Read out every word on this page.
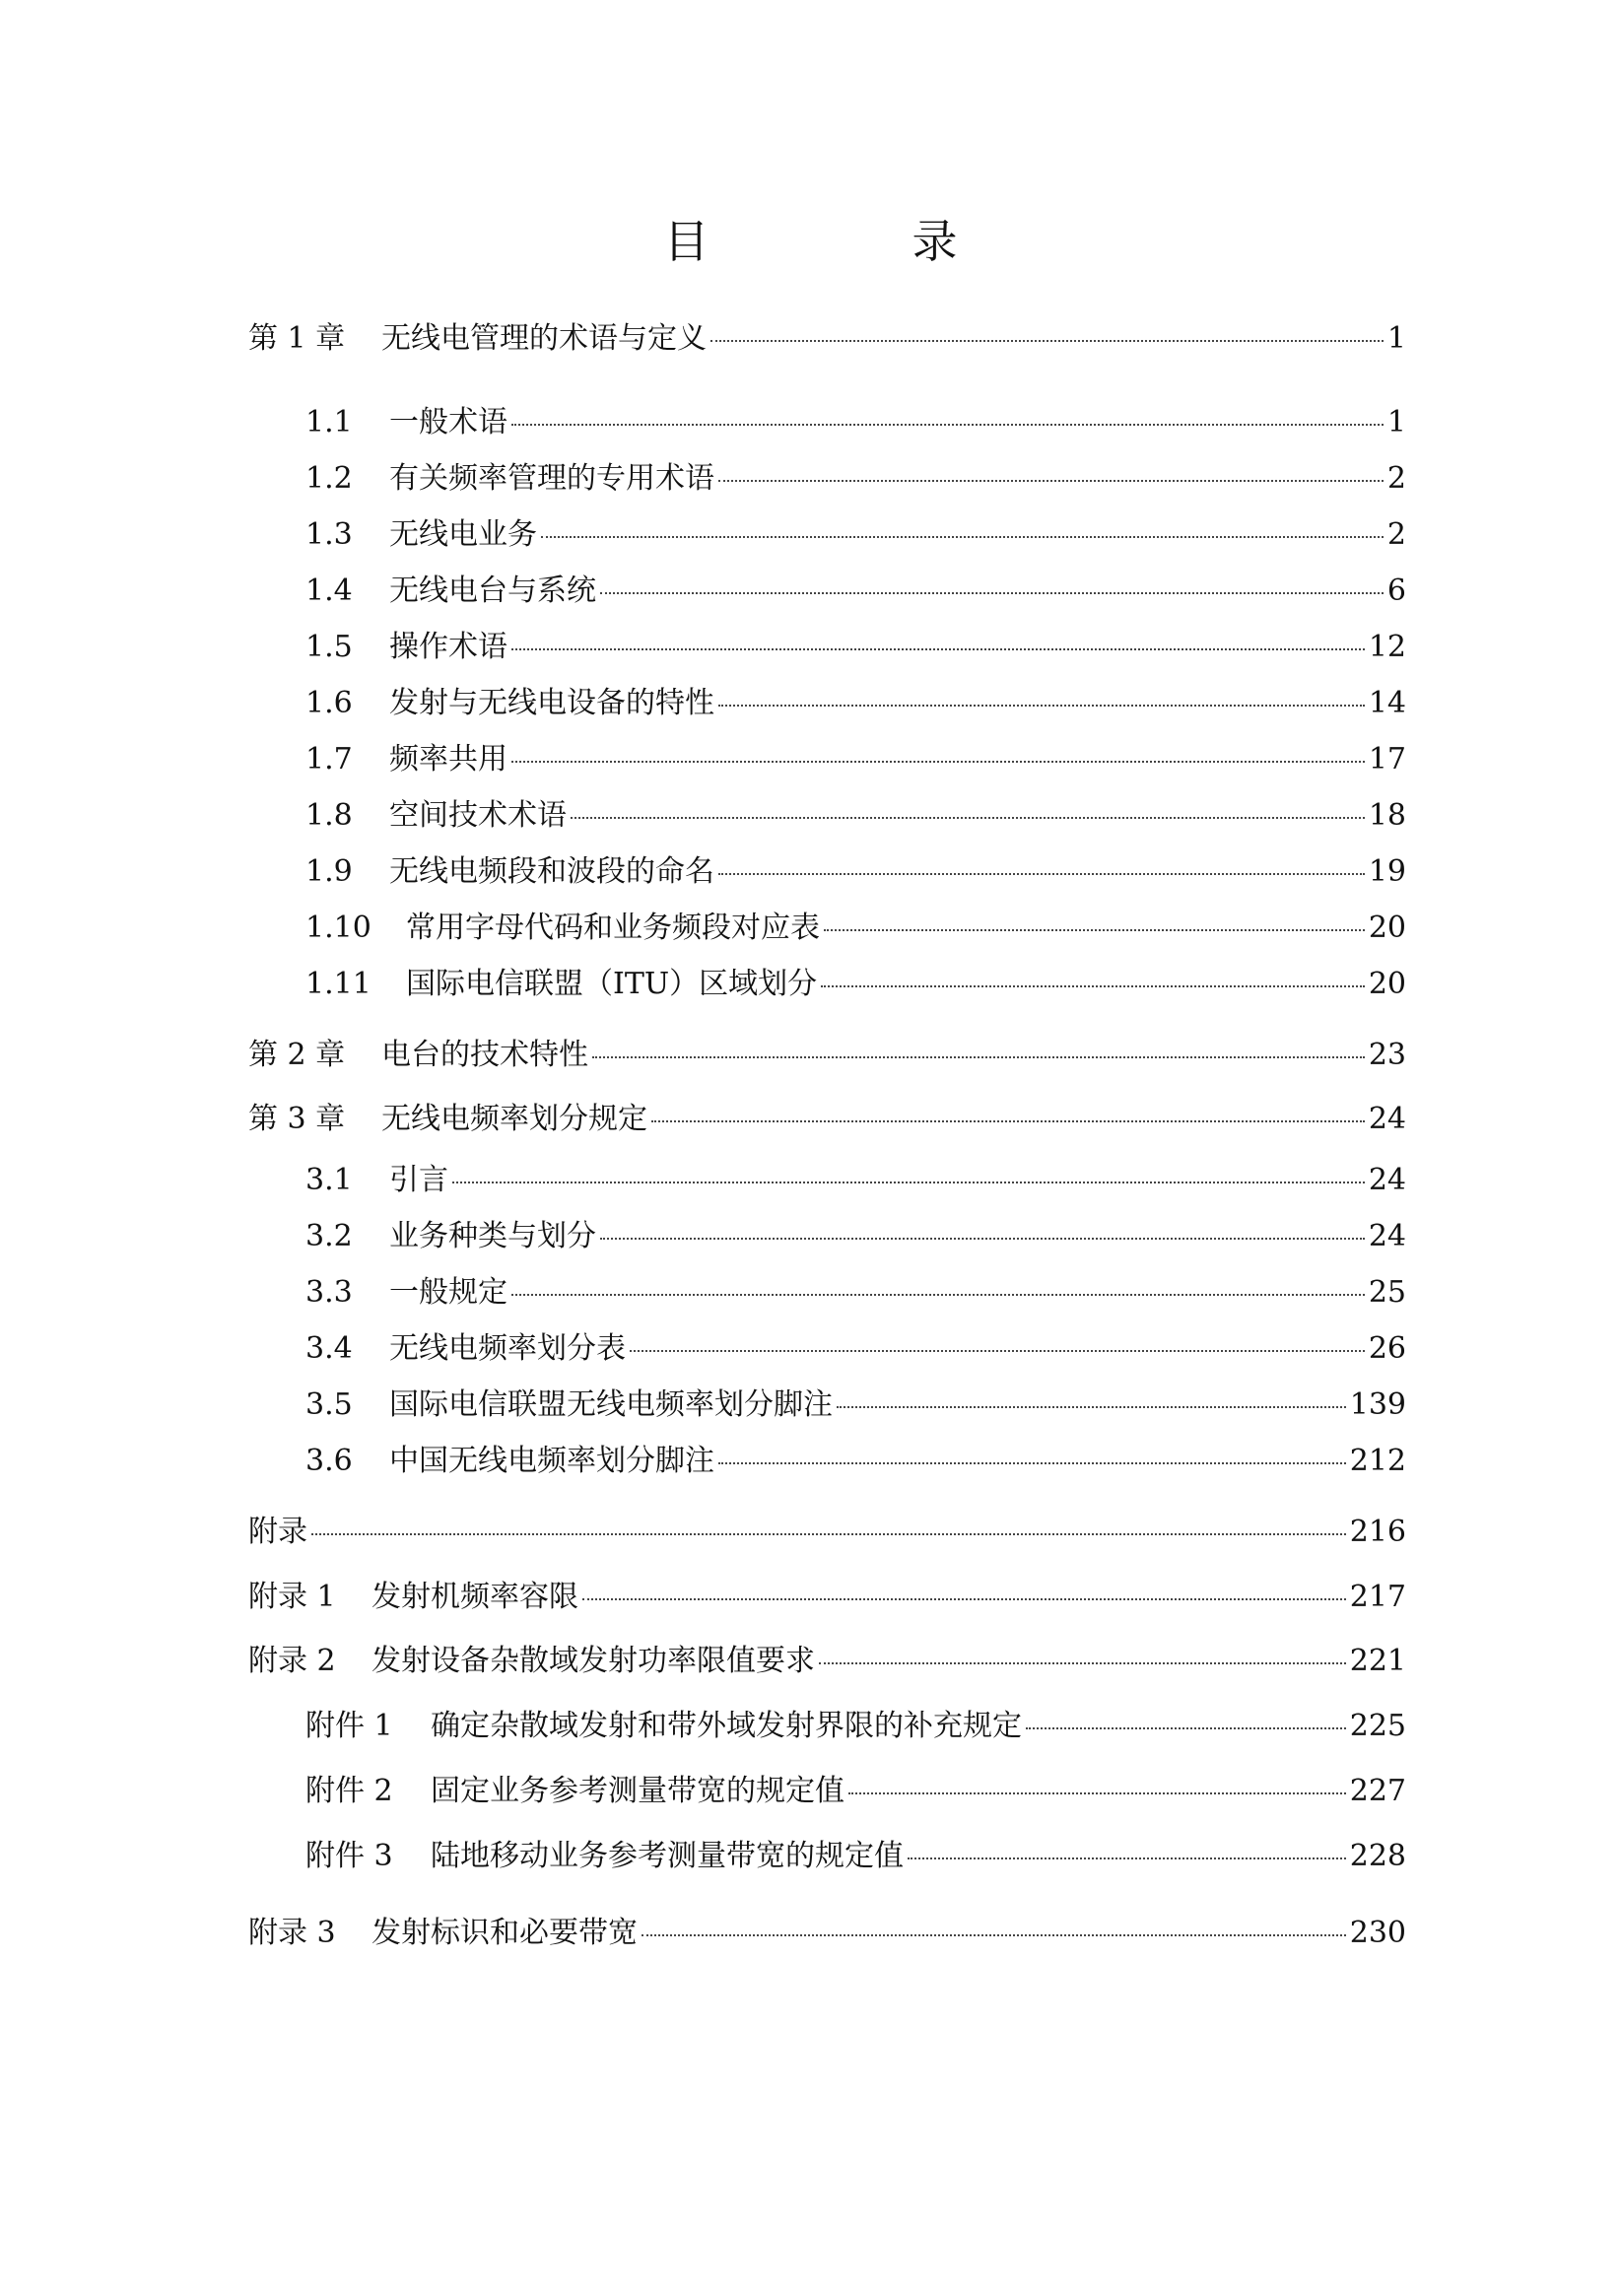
目　录
第 1 章	无线电管理的术语与定义	1
1.1	一般术语	1
1.2	有关频率管理的专用术语	2
1.3	无线电业务	2
1.4	无线电台与系统	6
1.5	操作术语	12
1.6	发射与无线电设备的特性	14
1.7	频率共用	17
1.8	空间技术术语	18
1.9	无线电频段和波段的命名	19
1.10	常用字母代码和业务频段对应表	20
1.11	国际电信联盟（ITU）区域划分	20
第 2 章	电台的技术特性	23
第 3 章	无线电频率划分规定	24
3.1	引言	24
3.2	业务种类与划分	24
3.3	一般规定	25
3.4	无线电频率划分表	26
3.5	国际电信联盟无线电频率划分脚注	139
3.6	中国无线电频率划分脚注	212
附录	216
附录 1	发射机频率容限	217
附录 2	发射设备杂散域发射功率限值要求	221
附件 1	确定杂散域发射和带外域发射界限的补充规定	225
附件 2	固定业务参考测量带宽的规定值	227
附件 3	陆地移动业务参考测量带宽的规定值	228
附录 3	发射标识和必要带宽	230
